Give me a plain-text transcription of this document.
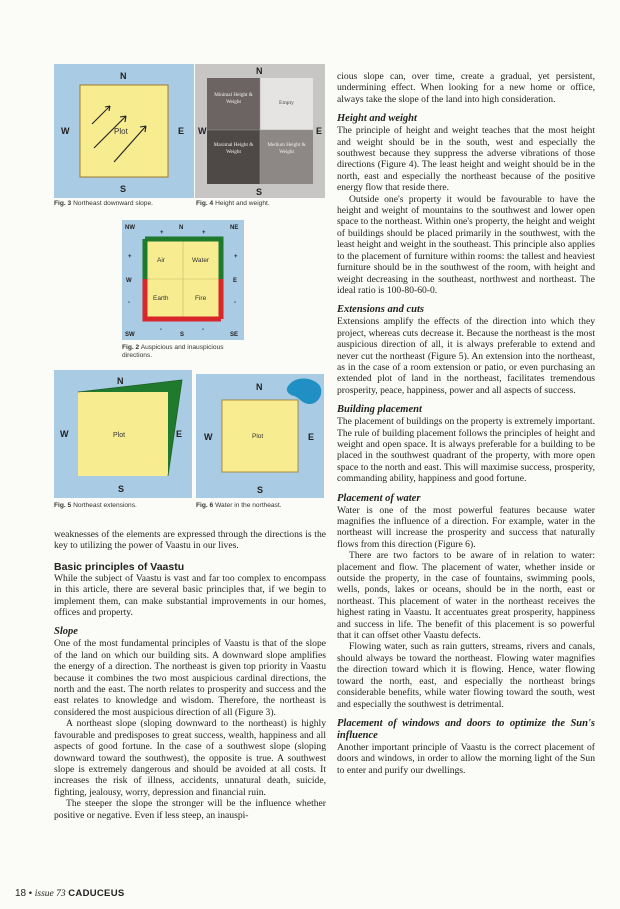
N
S
W	E
Plot
Fig. 3 Northeast downward slope.
N
S
W	E
Minimal Height & Weight	Empty
Maximal Height & Weight
Medium Height & Weight
Fig. 4 Height and weight.
NW	N	NE
W	E
SW	S	SE
+	+
+
-
-	-
+
-
Air	Water
Earth	Fire
Fig. 2 Auspicious and inauspicious directions.
N
S
W	E
Plot
Fig. 5 Northeast extensions.
N
S
W	E
Plot
Fig. 6 Water in the northeast.

weaknesses of the elements are expressed through the directions is the key to utilizing the power of Vaastu in our lives.

Basic principles of Vaastu

While the subject of Vaastu is vast and far too complex to encompass in this article, there are several basic principles that, if we begin to implement them, can make substantial improvements in our homes, offices and property.

Slope

One of the most fundamental principles of Vaastu is that of the slope of the land on which our building sits. A downward slope amplifies the energy of a direction. The northeast is given top priority in Vaastu because it combines the two most auspicious cardinal directions, the north and the east. The north relates to prosperity and success and the east relates to knowledge and wisdom. Therefore, the northeast is considered the most auspicious direction of all (Figure 3).

A northeast slope (sloping downward to the northeast) is highly favourable and predisposes to great success, wealth, happiness and all aspects of good fortune. In the case of a southwest slope (sloping downward toward the southwest), the opposite is true. A southwest slope is extremely dangerous and should be avoided at all costs. It increases the risk of illness, accidents, unnatural death, suicide, fighting, jealousy, worry, depression and financial ruin.

The steeper the slope the stronger will be the influence whether positive or negative. Even if less steep, an inauspi-

cious slope can, over time, create a gradual, yet persistent, undermining effect. When looking for a new home or office, always take the slope of the land into high consideration.

Height and weight

The principle of height and weight teaches that the most height and weight should be in the south, west and especially the southwest because they suppress the adverse vibrations of those directions (Figure 4). The least height and weight should be in the north, east and especially the northeast because of the positive energy flow that reside there.

Outside one's property it would be favourable to have the height and weight of mountains to the southwest and lower open space to the northeast. Within one's property, the height and weight of buildings should be placed primarily in the southwest, with the least height and weight in the southeast. This principle also applies to the placement of furniture within rooms: the tallest and heaviest furniture should be in the southwest of the room, with height and weight decreasing in the southeast, northwest and northeast. The ideal ratio is 100-80-60-0.

Extensions and cuts

Extensions amplify the effects of the direction into which they project, whereas cuts decrease it. Because the northeast is the most auspicious direction of all, it is always preferable to extend and never cut the northeast (Figure 5). An extension into the northeast, as in the case of a room extension or patio, or even purchasing an extended plot of land in the northeast, facilitates tremendous prosperity, peace, happiness, power and all aspects of success.

Building placement

The placement of buildings on the property is extremely important. The rule of building placement follows the principles of height and weight and open space. It is always preferable for a building to be placed in the southwest quadrant of the property, with more open space to the north and east. This will maximise success, prosperity, commanding ability, happiness and good fortune.

Placement of water

Water is one of the most powerful features because water magnifies the influence of a direction. For example, water in the northeast will increase the prosperity and success that naturally flows from this direction (Figure 6).

There are two factors to be aware of in relation to water: placement and flow. The placement of water, whether inside or outside the property, in the case of fountains, swimming pools, wells, ponds, lakes or oceans, should be in the north, east or northeast. This placement of water in the northeast receives the highest rating in Vaastu. It accentuates great prosperity, happiness and success in life. The benefit of this placement is so powerful that it can offset other Vaastu defects.

Flowing water, such as rain gutters, streams, rivers and canals, should always be toward the northeast. Flowing water magnifies the direction toward which it is flowing. Hence, water flowing toward the north, east, and especially the northeast brings considerable benefits, while water flowing toward the south, west and especially the southwest is detrimental.

Placement of windows and doors to optimize the Sun's influence

Another important principle of Vaastu is the correct placement of doors and windows, in order to allow the morning light of the Sun to enter and purify our dwellings.

18 • issue 73 CADUCEUS
